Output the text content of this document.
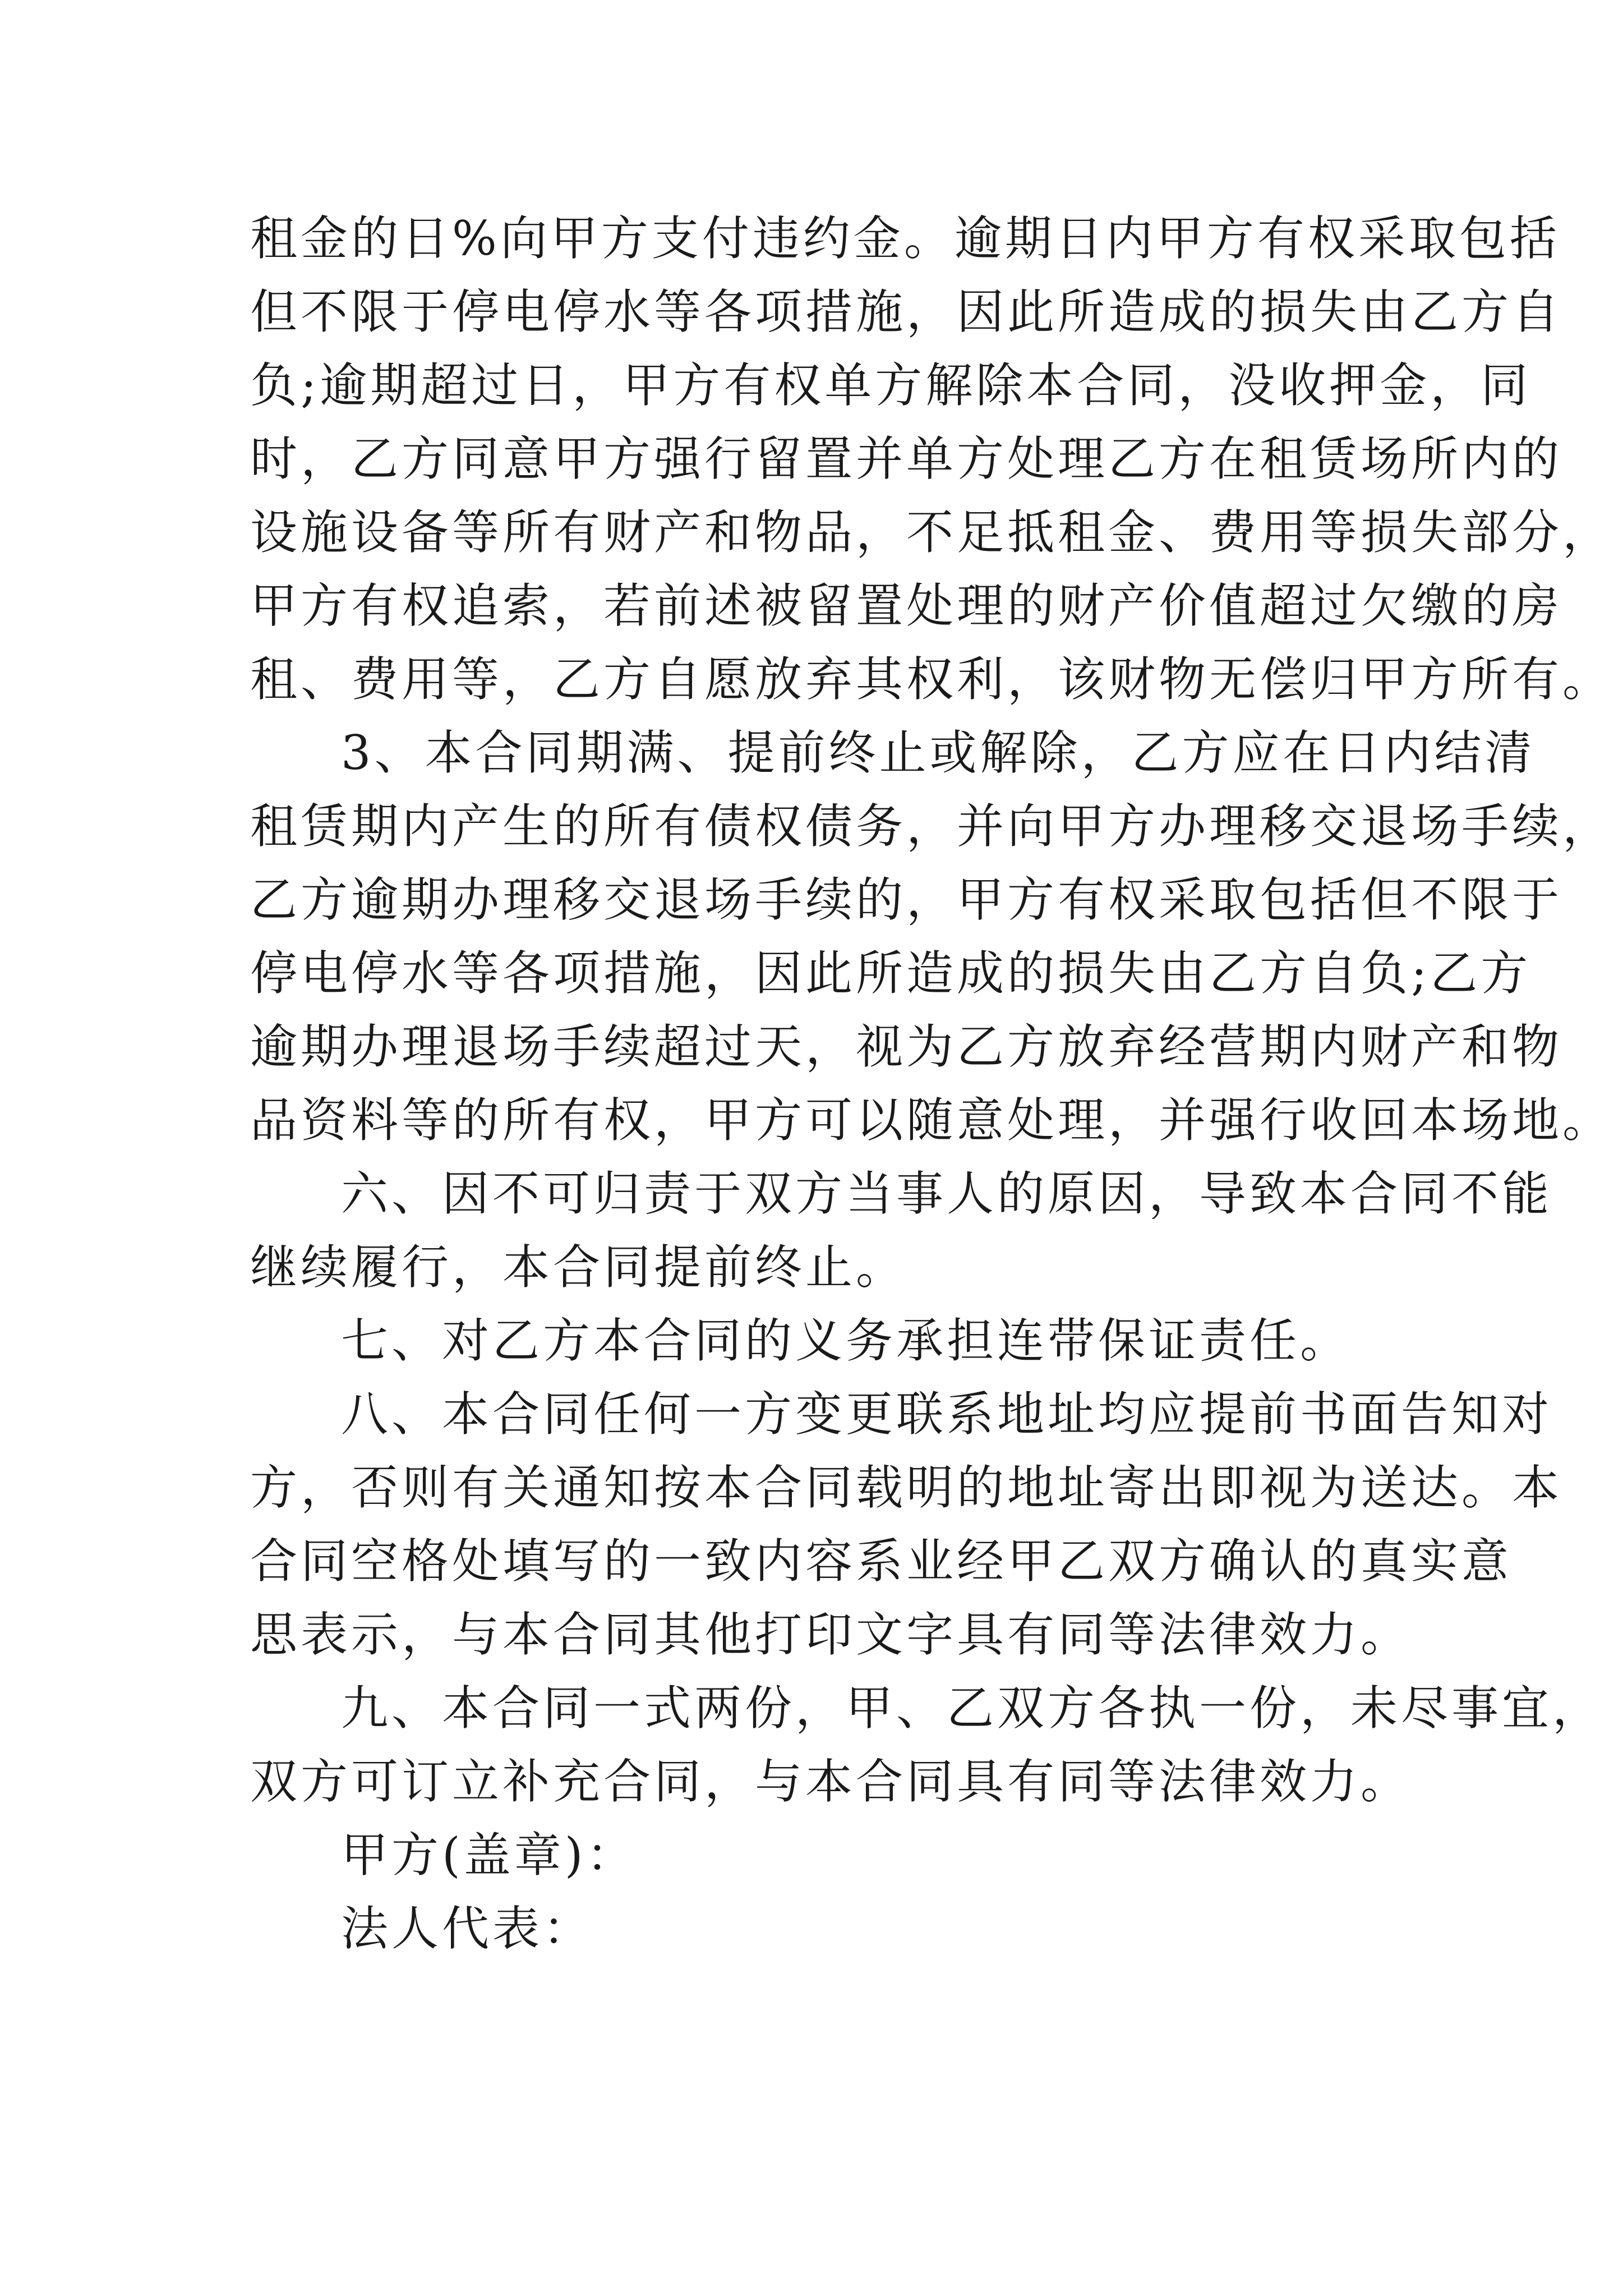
租金的日%向甲方支付违约金。逾期日内甲方有权采取包括
但不限于停电停水等各项措施，因此所造成的损失由乙方自
负;逾期超过日，甲方有权单方解除本合同，没收押金，同
时，乙方同意甲方强行留置并单方处理乙方在租赁场所内的
设施设备等所有财产和物品，不足抵租金、费用等损失部分，
甲方有权追索，若前述被留置处理的财产价值超过欠缴的房
租、费用等，乙方自愿放弃其权利，该财物无偿归甲方所有。
3、本合同期满、提前终止或解除，乙方应在日内结清
租赁期内产生的所有债权债务，并向甲方办理移交退场手续，
乙方逾期办理移交退场手续的，甲方有权采取包括但不限于
停电停水等各项措施，因此所造成的损失由乙方自负;乙方
逾期办理退场手续超过天，视为乙方放弃经营期内财产和物
品资料等的所有权，甲方可以随意处理，并强行收回本场地。
六、因不可归责于双方当事人的原因，导致本合同不能
继续履行，本合同提前终止。
七、对乙方本合同的义务承担连带保证责任。
八、本合同任何一方变更联系地址均应提前书面告知对
方，否则有关通知按本合同载明的地址寄出即视为送达。本
合同空格处填写的一致内容系业经甲乙双方确认的真实意
思表示，与本合同其他打印文字具有同等法律效力。
九、本合同一式两份，甲、乙双方各执一份，未尽事宜，
双方可订立补充合同，与本合同具有同等法律效力。
甲方(盖章)：
法人代表：
